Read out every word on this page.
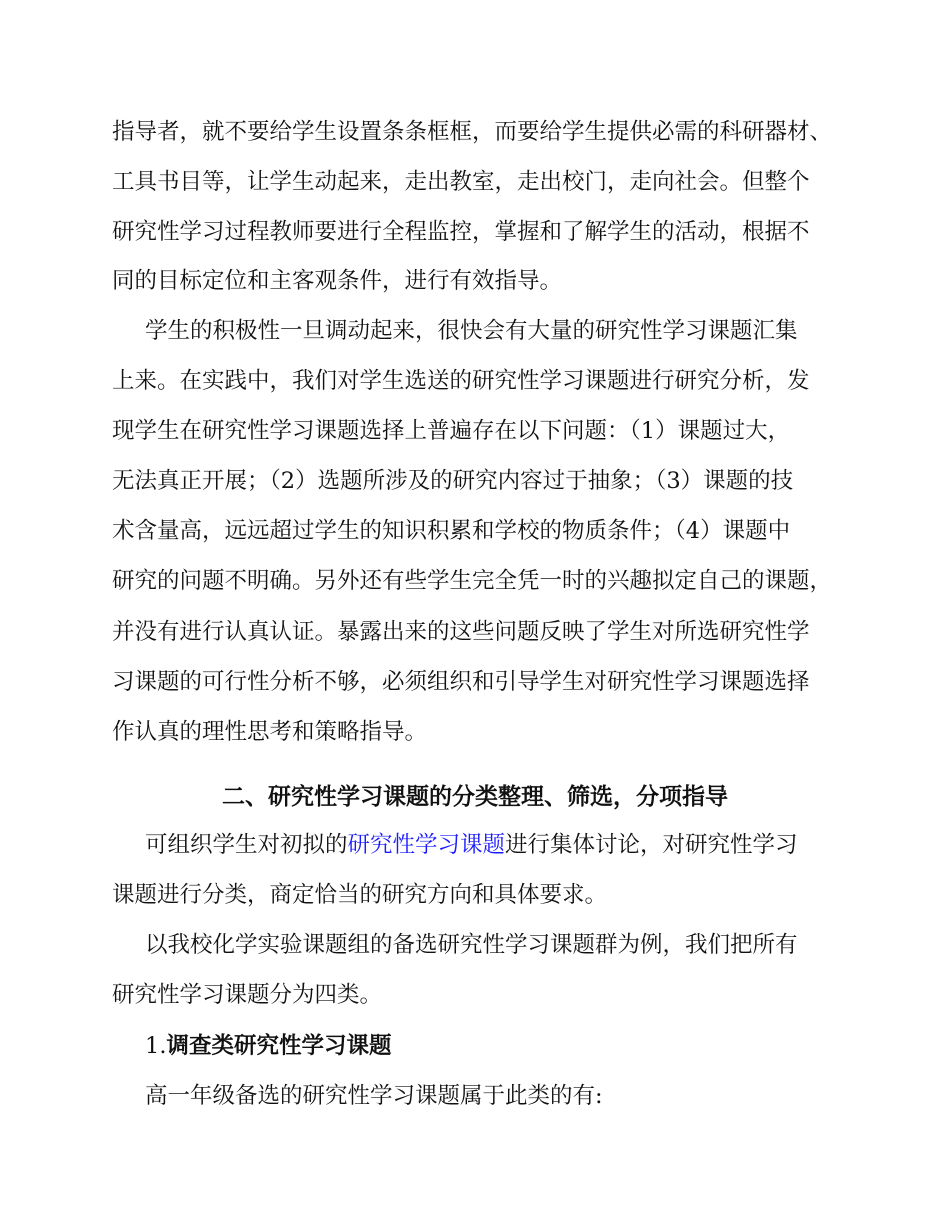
指导者，就不要给学生设置条条框框，而要给学生提供必需的科研器材、
工具书目等，让学生动起来，走出教室，走出校门，走向社会。但整个
研究性学习过程教师要进行全程监控，掌握和了解学生的活动，根据不
同的目标定位和主客观条件，进行有效指导。
学生的积极性一旦调动起来，很快会有大量的研究性学习课题汇集
上来。在实践中，我们对学生选送的研究性学习课题进行研究分析，发
现学生在研究性学习课题选择上普遍存在以下问题：（1）课题过大，
无法真正开展；（2）选题所涉及的研究内容过于抽象；（3）课题的技
术含量高，远远超过学生的知识积累和学校的物质条件；（4）课题中
研究的问题不明确。另外还有些学生完全凭一时的兴趣拟定自己的课题，
并没有进行认真认证。暴露出来的这些问题反映了学生对所选研究性学
习课题的可行性分析不够，必须组织和引导学生对研究性学习课题选择
作认真的理性思考和策略指导。
二、研究性学习课题的分类整理、筛选，分项指导
可组织学生对初拟的研究性学习课题进行集体讨论，对研究性学习
课题进行分类，商定恰当的研究方向和具体要求。
以我校化学实验课题组的备选研究性学习课题群为例，我们把所有
研究性学习课题分为四类。
1.调查类研究性学习课题
高一年级备选的研究性学习课题属于此类的有:
